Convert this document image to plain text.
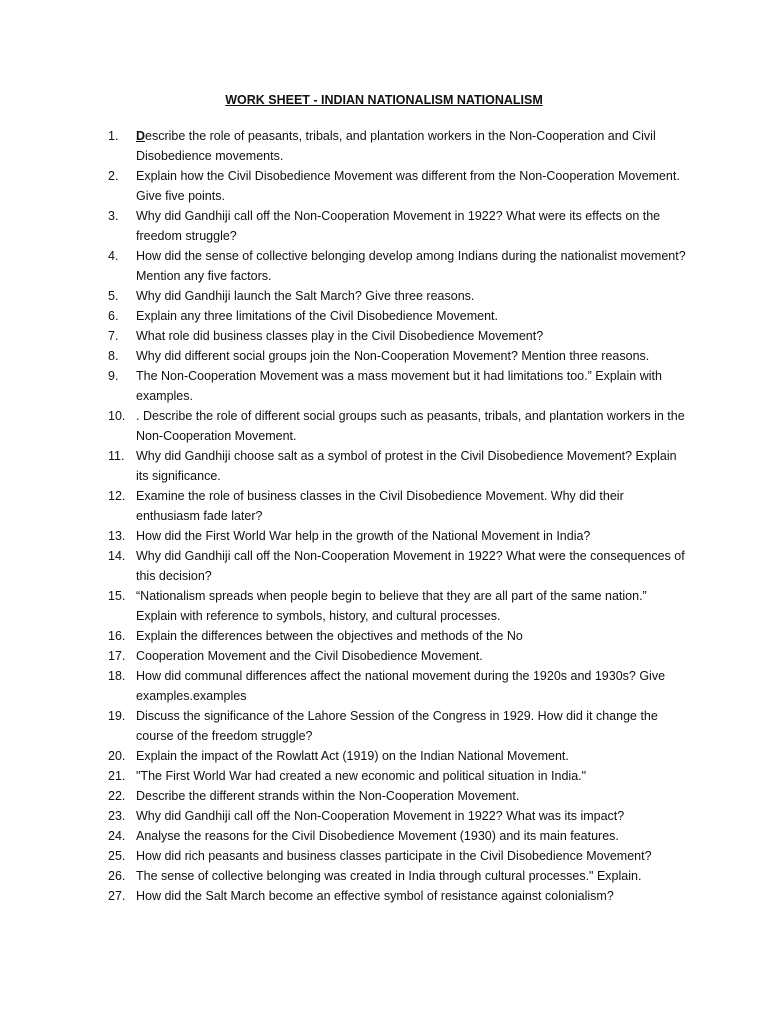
WORK SHEET - INDIAN NATIONALISM NATIONALISM
1.	Describe the role of peasants, tribals, and plantation workers in the Non-Cooperation and Civil Disobedience movements.
2.	Explain how the Civil Disobedience Movement was different from the Non-Cooperation Movement. Give five points.
3.	Why did Gandhiji call off the Non-Cooperation Movement in 1922? What were its effects on the freedom struggle?
4.	How did the sense of collective belonging develop among Indians during the nationalist movement? Mention any five factors.
5.	Why did Gandhiji launch the Salt March? Give three reasons.
6.	Explain any three limitations of the Civil Disobedience Movement.
7.	What role did business classes play in the Civil Disobedience Movement?
8.	Why did different social groups join the Non-Cooperation Movement? Mention three reasons.
9.	The Non-Cooperation Movement was a mass movement but it had limitations too.” Explain with examples.
10. . Describe the role of different social groups such as peasants, tribals, and plantation workers in the Non-Cooperation Movement.
11. Why did Gandhiji choose salt as a symbol of protest in the Civil Disobedience Movement? Explain its significance.
12. Examine the role of business classes in the Civil Disobedience Movement. Why did their enthusiasm fade later?
13. How did the First World War help in the growth of the National Movement in India?
14. Why did Gandhiji call off the Non-Cooperation Movement in 1922? What were the consequences of this decision?
15. “Nationalism spreads when people begin to believe that they are all part of the same nation.” Explain with reference to symbols, history, and cultural processes.
16. Explain the differences between the objectives and methods of the No
17. Cooperation Movement and the Civil Disobedience Movement.
18. How did communal differences affect the national movement during the 1920s and 1930s? Give examples.examples
19. Discuss the significance of the Lahore Session of the Congress in 1929. How did it change the course of the freedom struggle?
20. Explain the impact of the Rowlatt Act (1919) on the Indian National Movement.
21. "The First World War had created a new economic and political situation in India."
22. Describe the different strands within the Non-Cooperation Movement.
23. Why did Gandhiji call off the Non-Cooperation Movement in 1922? What was its impact?
24. Analyse the reasons for the Civil Disobedience Movement (1930) and its main features.
25. How did rich peasants and business classes participate in the Civil Disobedience Movement?
26. The sense of collective belonging was created in India through cultural processes." Explain.
27. How did the Salt March become an effective symbol of resistance against colonialism?
